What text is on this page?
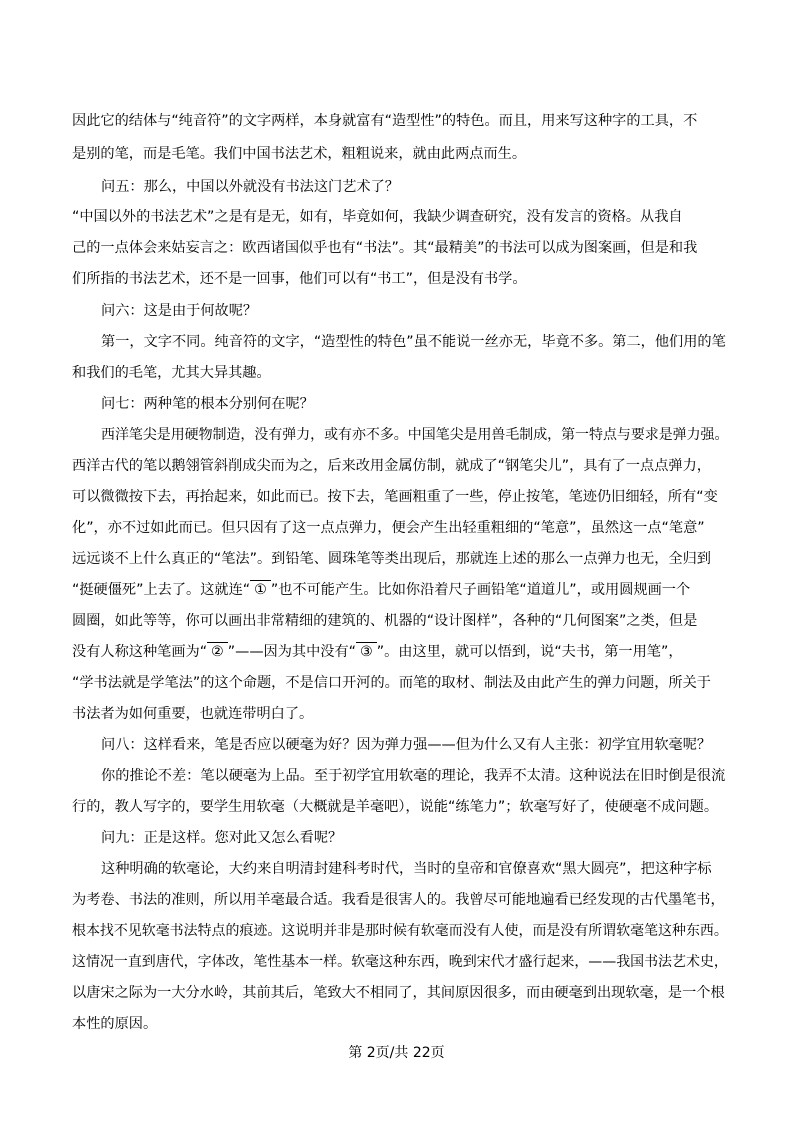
因此它的结体与“纯音符”的文字两样，本身就富有“造型性”的特色。而且，用来写这种字的工具，不
是别的笔，而是毛笔。我们中国书法艺术，粗粗说来，就由此两点而生。
问五：那么，中国以外就没有书法这门艺术了？
“中国以外的书法艺术”之是有是无，如有，毕竟如何，我缺少调查研究，没有发言的资格。从我自
己的一点体会来姑妄言之：欧西诸国似乎也有“书法”。其“最精美”的书法可以成为图案画，但是和我
们所指的书法艺术，还不是一回事，他们可以有“书工”，但是没有书学。
问六：这是由于何故呢？
第一，文字不同。纯音符的文字，“造型性的特色”虽不能说一丝亦无，毕竟不多。第二，他们用的笔
和我们的毛笔，尤其大异其趣。
问七：两种笔的根本分别何在呢？
西洋笔尖是用硬物制造，没有弹力，或有亦不多。中国笔尖是用兽毛制成，第一特点与要求是弹力强。
西洋古代的笔以鹅翎管斜削成尖而为之，后来改用金属仿制，就成了“钢笔尖儿”，具有了一点点弹力，
可以微微按下去，再抬起来，如此而已。按下去，笔画粗重了一些，停止按笔，笔迹仍旧细轻，所有“变
化”，亦不过如此而已。但只因有了这一点点弹力，便会产生出轻重粗细的“笔意”，虽然这一点“笔意”
远远谈不上什么真正的“笔法”。到铅笔、圆珠笔等类出现后，那就连上述的那么一点弹力也无，全归到
“挺硬僵死”上去了。这就连“ ① ”也不可能产生。比如你沿着尺子画铅笔“道道儿”，或用圆规画一个
圆圈，如此等等，你可以画出非常精细的建筑的、机器的“设计图样”，各种的“几何图案”之类，但是
没有人称这种笔画为“ ② ”——因为其中没有“ ③ ”。由这里，就可以悟到，说“夫书，第一用笔”，
“学书法就是学笔法”的这个命题，不是信口开河的。而笔的取材、制法及由此产生的弹力问题，所关于
书法者为如何重要，也就连带明白了。
问八：这样看来，笔是否应以硬毫为好？因为弹力强——但为什么又有人主张：初学宜用软毫呢？
你的推论不差：笔以硬毫为上品。至于初学宜用软毫的理论，我弄不太清。这种说法在旧时倒是很流
行的，教人写字的，要学生用软毫（大概就是羊毫吧），说能“练笔力”；软毫写好了，使硬毫不成问题。
问九：正是这样。您对此又怎么看呢？
这种明确的软毫论，大约来自明清封建科考时代，当时的皇帝和官僚喜欢“黑大圆亮”，把这种字标
为考卷、书法的准则，所以用羊毫最合适。我看是很害人的。我曾尽可能地遍看已经发现的古代墨笔书，
根本找不见软毫书法特点的痕迹。这说明并非是那时候有软毫而没有人使，而是没有所谓软毫笔这种东西。
这情况一直到唐代，字体改，笔性基本一样。软毫这种东西，晚到宋代才盛行起来，——我国书法艺术史，
以唐宋之际为一大分水岭，其前其后，笔致大不相同了，其间原因很多，而由硬毫到出现软毫，是一个根
本性的原因。
第 2页/共 22页
